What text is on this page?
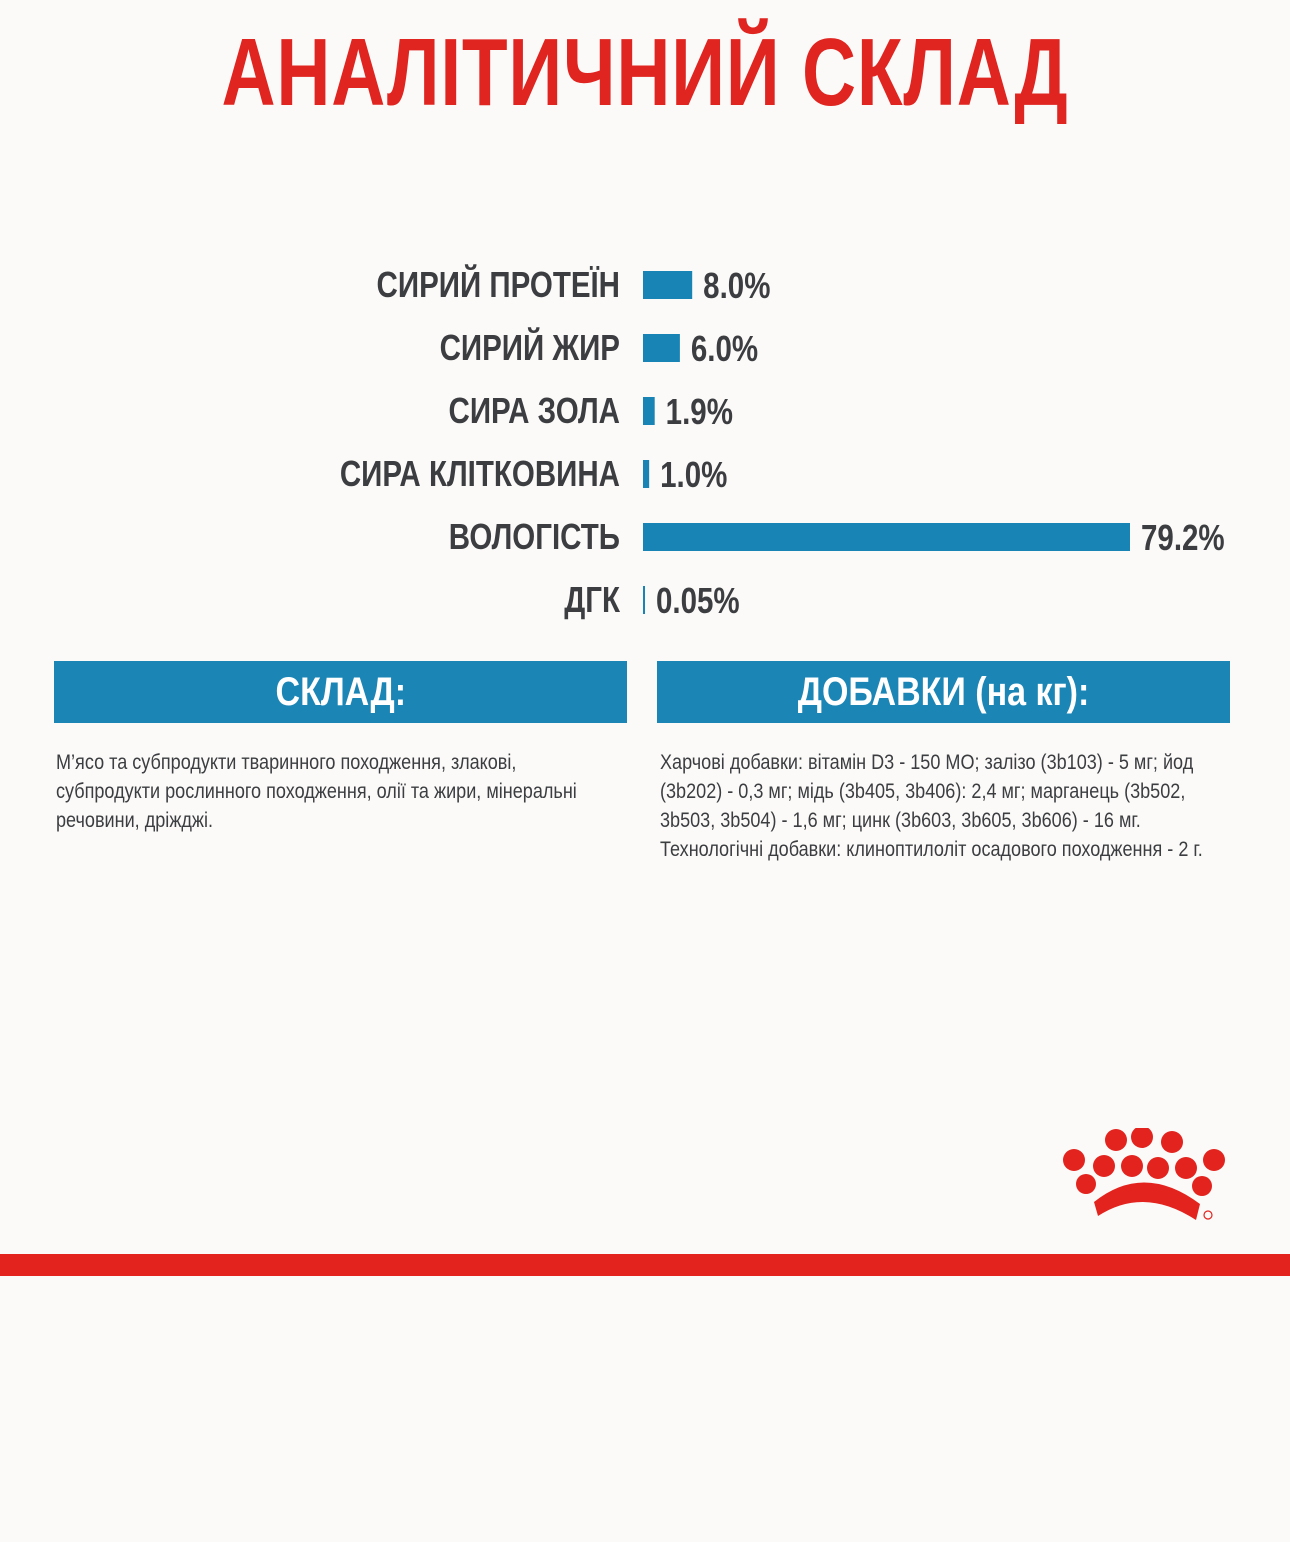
АНАЛІТИЧНИЙ СКЛАД
СИРИЙ ПРОТЕЇН 8.0%
СИРИЙ ЖИР 6.0%
СИРА ЗОЛА 1.9%
СИРА КЛІТКОВИНА 1.0%
ВОЛОГІСТЬ	79.2%
ДГК 0.05%
СКЛАД:	ДОБАВКИ (на кг):
М’ясо та субпродукти тваринного походження, злакові, субпродукти рослинного походження, олії та жири, мінеральні речовини, дріжджі.
Харчові добавки: вітамін D3 - 150 МО; залізо (3b103) - 5 мг; йод (3b202) - 0,3 мг; мідь (3b405, 3b406): 2,4 мг; марганець (3b502, 3b503, 3b504) - 1,6 мг; цинк (3b603, 3b605, 3b606) - 16 мг. Технологічні добавки: клиноптилоліт осадового походження - 2 г.
